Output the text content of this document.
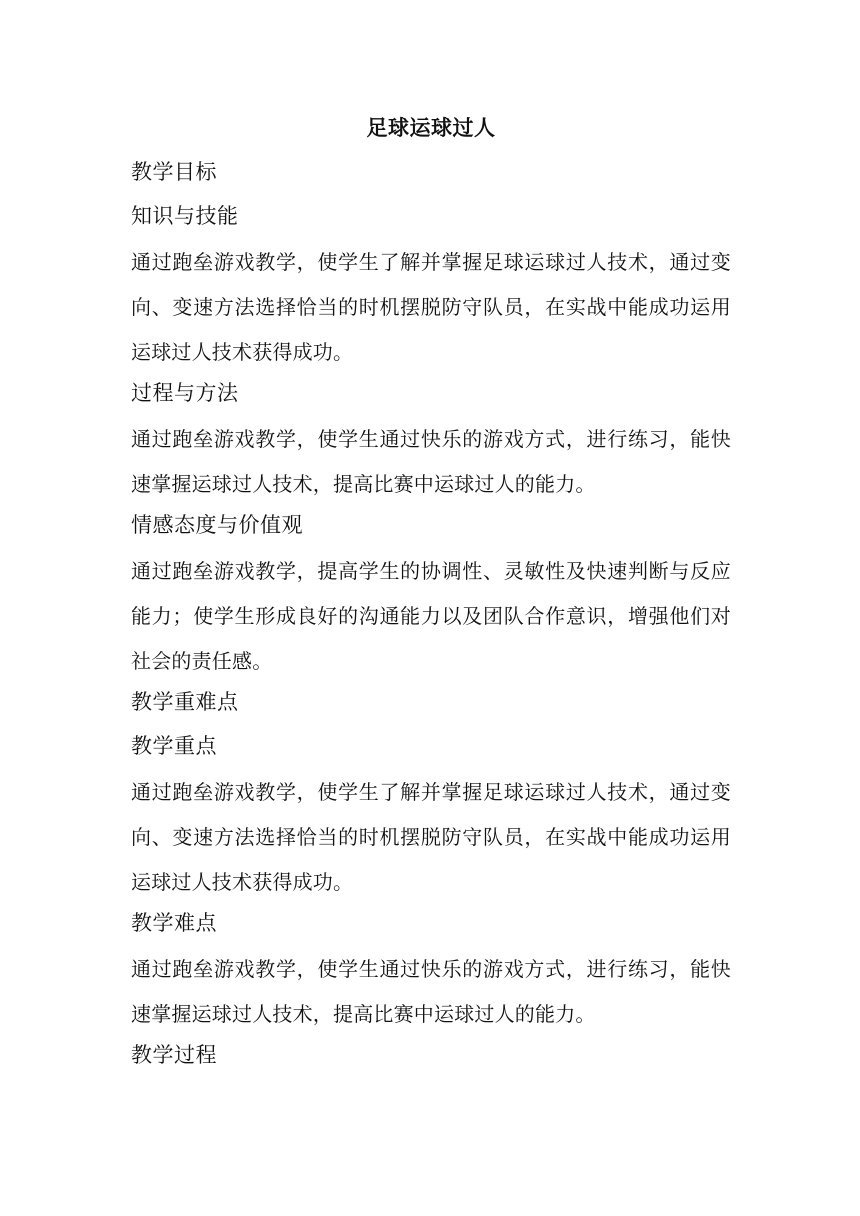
足球运球过人
教学目标
知识与技能
通过跑垒游戏教学，使学生了解并掌握足球运球过人技术，通过变向、变速方法选择恰当的时机摆脱防守队员，在实战中能成功运用运球过人技术获得成功。
过程与方法
通过跑垒游戏教学，使学生通过快乐的游戏方式，进行练习，能快速掌握运球过人技术，提高比赛中运球过人的能力。
情感态度与价值观
通过跑垒游戏教学，提高学生的协调性、灵敏性及快速判断与反应能力；使学生形成良好的沟通能力以及团队合作意识，增强他们对社会的责任感。
教学重难点
教学重点
通过跑垒游戏教学，使学生了解并掌握足球运球过人技术，通过变向、变速方法选择恰当的时机摆脱防守队员，在实战中能成功运用运球过人技术获得成功。
教学难点
通过跑垒游戏教学，使学生通过快乐的游戏方式，进行练习，能快速掌握运球过人技术，提高比赛中运球过人的能力。
教学过程
